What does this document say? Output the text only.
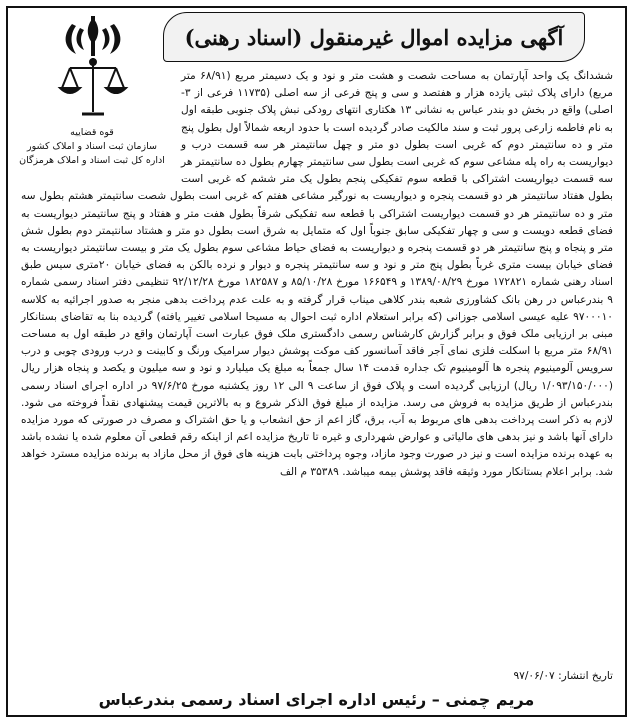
آگهی مزایده اموال غیرمنقول (اسناد رهنی)
قوه قضاییه
سازمان ثبت اسناد و املاک کشور
اداره کل ثبت اسناد و املاک هرمزگان
ششدانگ یک واحد آپارتمان به مساحت شصت و هشت متر و نود و یک دسیمتر مربع (۶۸/۹۱ متر مربع) دارای پلاک ثبتی یازده هزار و هفتصد و سی و پنج فرعی از سه اصلی (۱۱۷۳۵ فرعی از ۳-اصلی) واقع در بخش دو بندر عباس به نشانی ۱۳ هکتاری انتهای رودکی نبش پلاک جنوبی طبقه اول به نام فاطمه زارعی پرور ثبت و سند مالکیت صادر گردیده است با حدود اربعه شمالاً اول بطول پنج متر و ده سانتیمتر دوم که غربی است بطول دو متر و چهل سانتیمتر هر سه قسمت درب و دیواریست به راه پله مشاعی سوم که غربی است بطول سی سانتیمتر چهارم بطول ده سانتیمتر هر سه قسمت دیواریست اشتراکی با قطعه سوم تفکیکی پنجم بطول یک متر ششم که غربی است بطول هفتاد سانتیمتر هر دو قسمت پنجره و دیواریست به نورگیر مشاعی هفتم که غربی است بطول شصت سانتیمتر هشتم بطول سه متر و ده سانتیمتر هر دو قسمت دیواریست اشتراکی با قطعه سه تفکیکی شرقاً بطول هفت متر و هفتاد و پنج سانتیمتر دیواریست به فضای قطعه دویست و سی و چهار تفکیکی سابق جنوباً اول که متمایل به شرق است بطول دو متر و هشتاد سانتیمتر دوم بطول شش متر و پنجاه و پنج سانتیمتر هر دو قسمت پنجره و دیواریست به فضای حیاط مشاعی سوم بطول یک متر و بیست سانتیمتر دیواریست به فضای خیابان بیست متری غرباً بطول پنج متر و نود و سه سانتیمتر پنجره و دیوار و نرده بالکن به فضای خیابان ۲۰متری سیس طبق اسناد رهنی شماره ۱۷۲۸۲۱ مورخ ۱۳۸۹/۰۸/۲۹ و ۱۶۶۵۴۹ مورخ ۸۵/۱۰/۲۸ و ۱۸۲۵۸۷ مورخ ۹۲/۱۲/۲۸ تنظیمی دفتر اسناد رسمی شماره ۹ بندرعباس در رهن بانک کشاورزی شعبه بندر کلاهی میناب قرار گرفته و به علت عدم پرداخت بدهی منجر به صدور اجرائیه به کلاسه ۹۷۰۰۰۱۰ علیه عیسی اسلامی جوزانی (که برابر استعلام اداره ثبت احوال به مسیحا اسلامی تغییر یافته) گردیده بنا به تقاضای بستانکار مبنی بر ارزیابی ملک فوق و برابر گزارش کارشناس رسمی دادگستری ملک فوق عبارت است آپارتمان واقع در طبقه اول به مساحت ۶۸/۹۱ متر مربع با اسکلت فلزی نمای آجر فاقد آسانسور کف موکت پوشش دیوار سرامیک ورنگ و کابینت و درب ورودی چوبی و درب سرویس آلومینیوم پنجره ها آلومینیوم تک جداره قدمت ۱۴ سال جمعاً به مبلغ یک میلیارد و نود و سه میلیون و یکصد و پنجاه هزار ریال (۱/۰۹۳/۱۵۰/۰۰۰ ریال) ارزیابی گردیده است و پلاک فوق از ساعت ۹ الی ۱۲ روز یکشنبه مورخ ۹۷/۶/۲۵ در اداره اجرای اسناد رسمی بندرعباس از طریق مزایده به فروش می رسد. مزایده از مبلغ فوق الذکر شروع و به بالاترین قیمت پیشنهادی نقداً فروخته می شود. لازم به ذکر است پرداخت بدهی های مربوط به آب، برق، گاز اعم از حق انشعاب و یا حق اشتراک و مصرف در صورتی که مورد مزایده دارای آنها باشد و نیز بدهی های مالیاتی و عوارض شهرداری و غیره تا تاریخ مزایده اعم از اینکه رقم قطعی آن معلوم شده یا نشده باشد به عهده برنده مزایده است و نیز در صورت وجود مازاد، وجوه پرداختی بابت هزینه های فوق از محل مازاد به برنده مزایده مسترد خواهد شد. برابر اعلام بستانکار مورد وثیقه فاقد پوشش بیمه میباشد. ۳۵۳۸۹ م الف
تاریخ انتشار: ۹۷/۰۶/۰۷
مریم چمنی – رئیس اداره اجرای اسناد رسمی بندرعباس
